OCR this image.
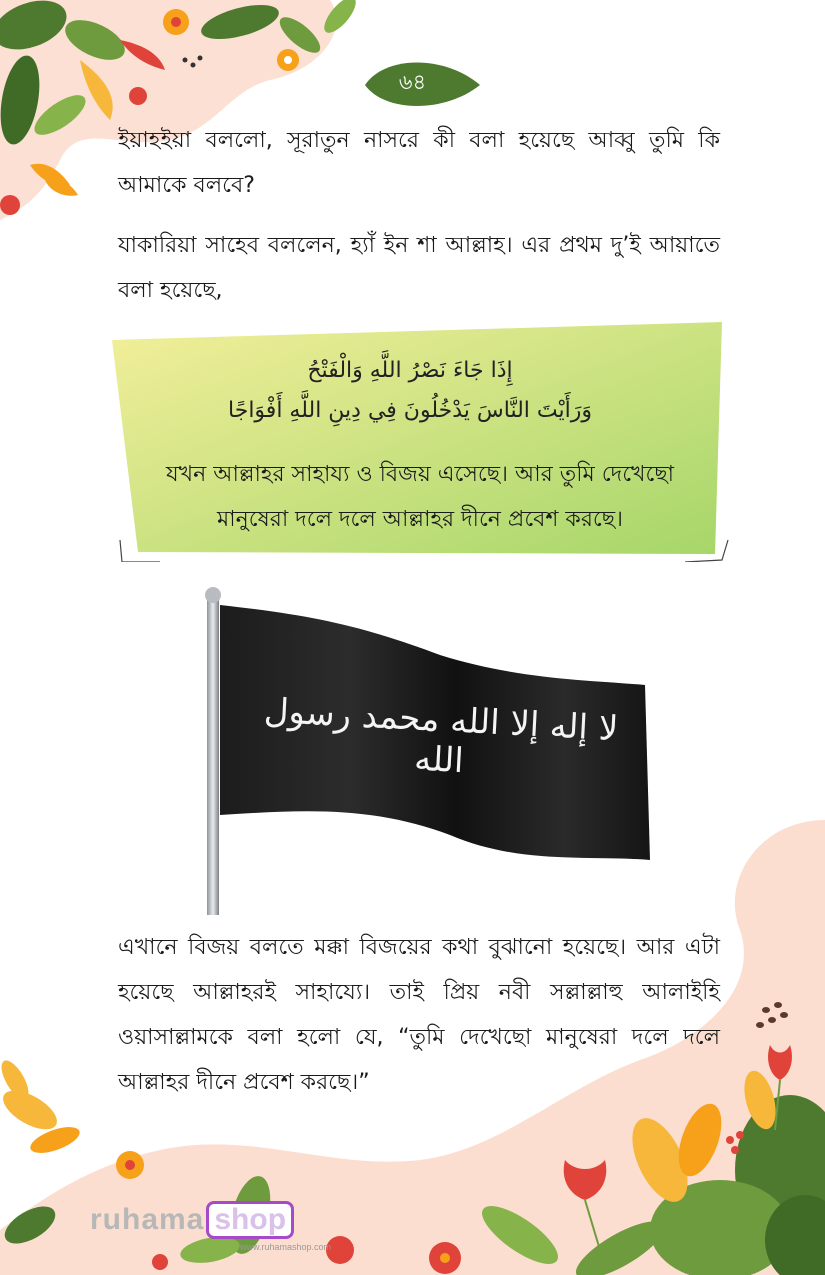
৬৪

ইয়াহইয়া বললো, সূরাতুন নাসরে কী বলা হয়েছে আব্বু তুমি কি আমাকে বলবে?

যাকারিয়া সাহেব বললেন, হ্যাঁ ইন শা আল্লাহ। এর প্রথম দু’ই আয়াতে বলা হয়েছে,

إِذَا جَاءَ نَصْرُ اللَّهِ وَالْفَتْحُ
وَرَأَيْتَ النَّاسَ يَدْخُلُونَ فِي دِينِ اللَّهِ أَفْوَاجًا

যখন আল্লাহর সাহায্য ও বিজয় এসেছে। আর তুমি দেখেছো মানুষেরা দলে দলে আল্লাহর দীনে প্রবেশ করছে।

لا إله إلا الله محمد رسول الله

এখানে বিজয় বলতে মক্কা বিজয়ের কথা বুঝানো হয়েছে। আর এটা হয়েছে আল্লাহরই সাহায্যে। তাই প্রিয় নবী সল্লাল্লাহু আলাইহি ওয়াসাল্লামকে বলা হলো যে, “তুমি দেখেছো মানুষেরা দলে দলে আল্লাহর দীনে প্রবেশ করছে।”

ruhama shop
www.ruhamashop.com
